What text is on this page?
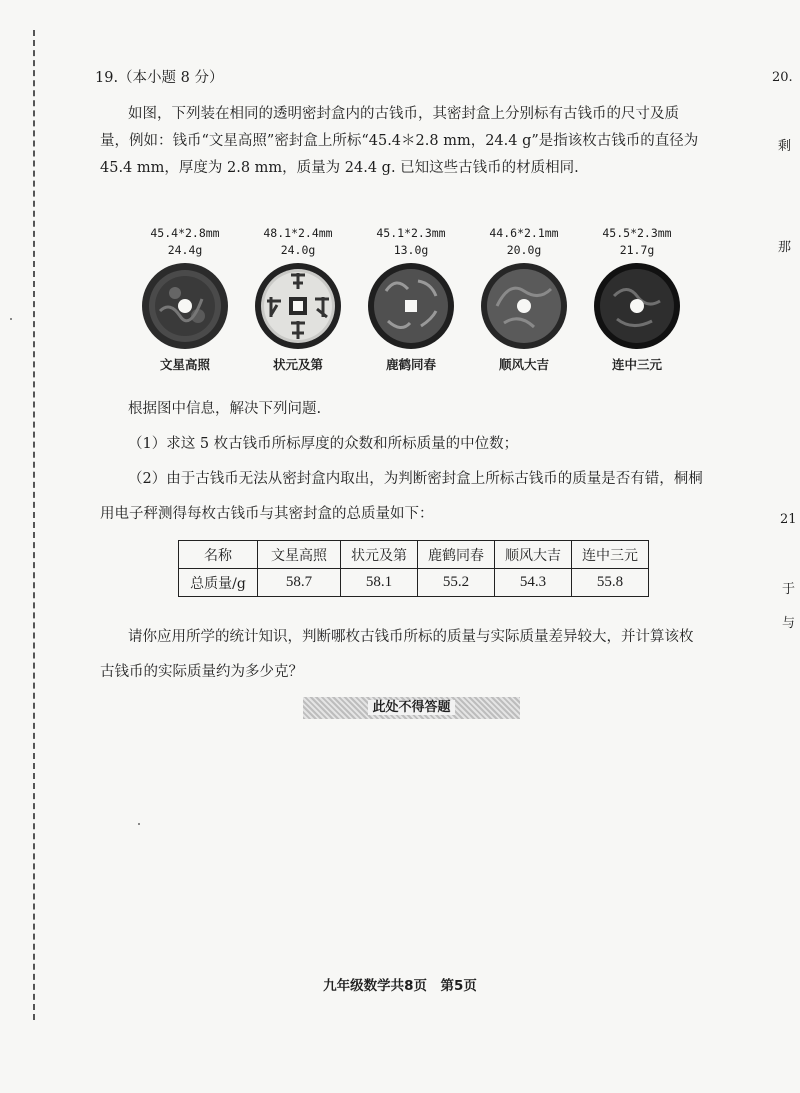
19.（本小题 8 分）
如图，下列装在相同的透明密封盒内的古钱币，其密封盒上分别标有古钱币的尺寸及质
量，例如：钱币“文星高照”密封盒上所标“45.4＊2.8 mm，24.4 g”是指该枚古钱币的直径为
45.4 mm，厚度为 2.8 mm，质量为 24.4 g. 已知这些古钱币的材质相同.
45.4*2.8mm
24.4g
文星高照
48.1*2.4mm
24.0g
状元及第
45.1*2.3mm
13.0g
鹿鹤同春
44.6*2.1mm
20.0g
顺风大吉
45.5*2.3mm
21.7g
连中三元
根据图中信息，解决下列问题.
（1）求这 5 枚古钱币所标厚度的众数和所标质量的中位数；
（2）由于古钱币无法从密封盒内取出，为判断密封盒上所标古钱币的质量是否有错，桐桐
用电子秤测得每枚古钱币与其密封盒的总质量如下：
名称	文星高照	状元及第	鹿鹤同春	顺风大吉	连中三元
总质量/g	58.7	58.1	55.2	54.3	55.8
请你应用所学的统计知识，判断哪枚古钱币所标的质量与实际质量差异较大，并计算该枚
古钱币的实际质量约为多少克？
此处不得答题
九年级数学共8页　第5页
20.
剩
那
21
于
与
